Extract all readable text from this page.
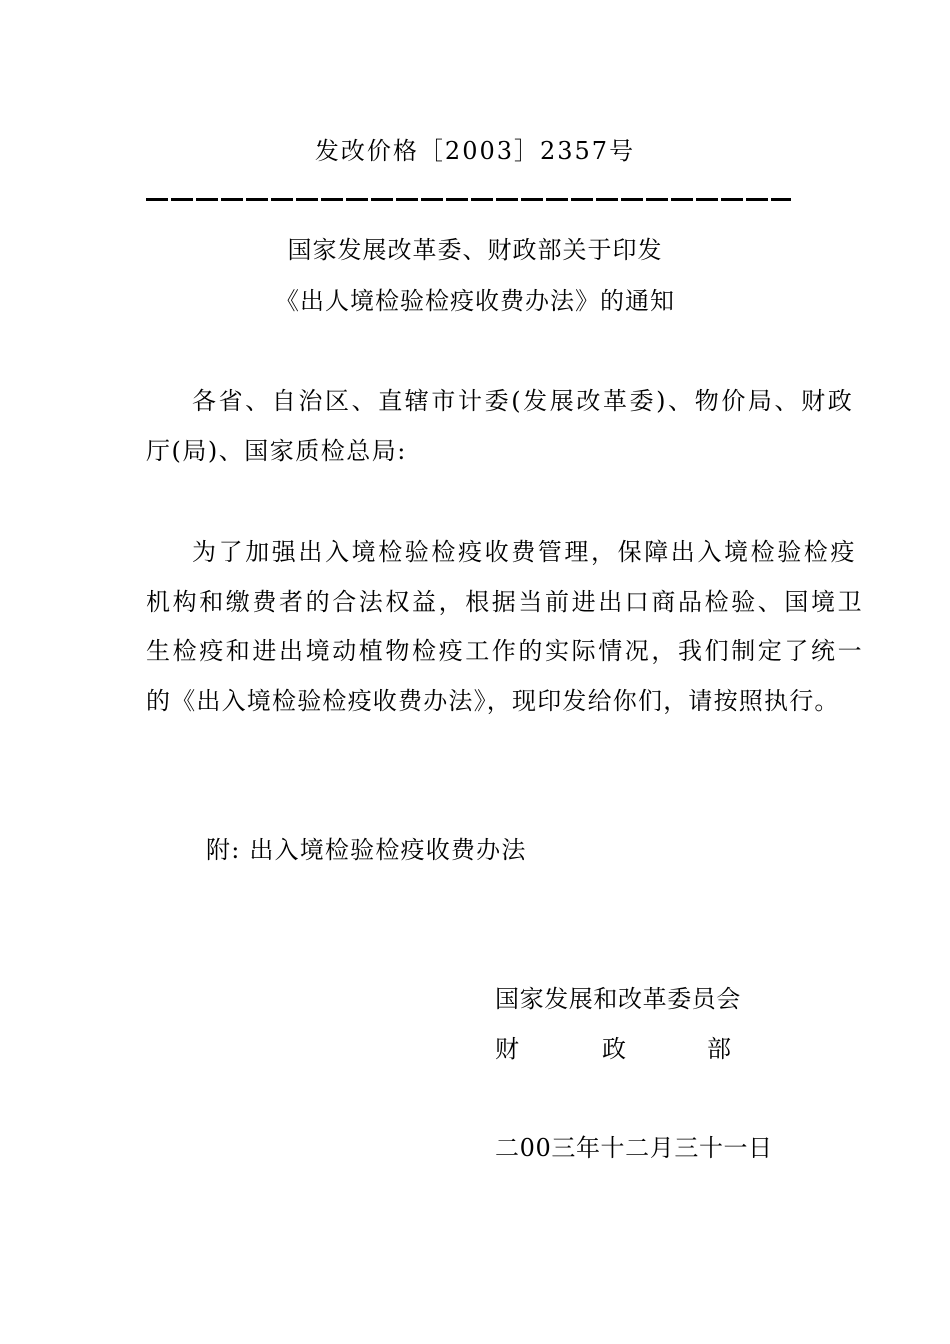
发改价格［2003］2357号
国家发展改革委、财政部关于印发
《出人境检验检疫收费办法》的通知
各省、自治区、直辖市计委(发展改革委)、物价局、财政
厅(局)、国家质检总局:
为了加强出入境检验检疫收费管理，保障出入境检验检疫
机构和缴费者的合法权益，根据当前进出口商品检验、国境卫
生检疫和进出境动植物检疫工作的实际情况，我们制定了统一
的《出入境检验检疫收费办法》，现印发给你们，请按照执行。
附: 出入境检验检疫收费办法
国家发展和改革委员会
财	政	部
二00三年十二月三十一日
